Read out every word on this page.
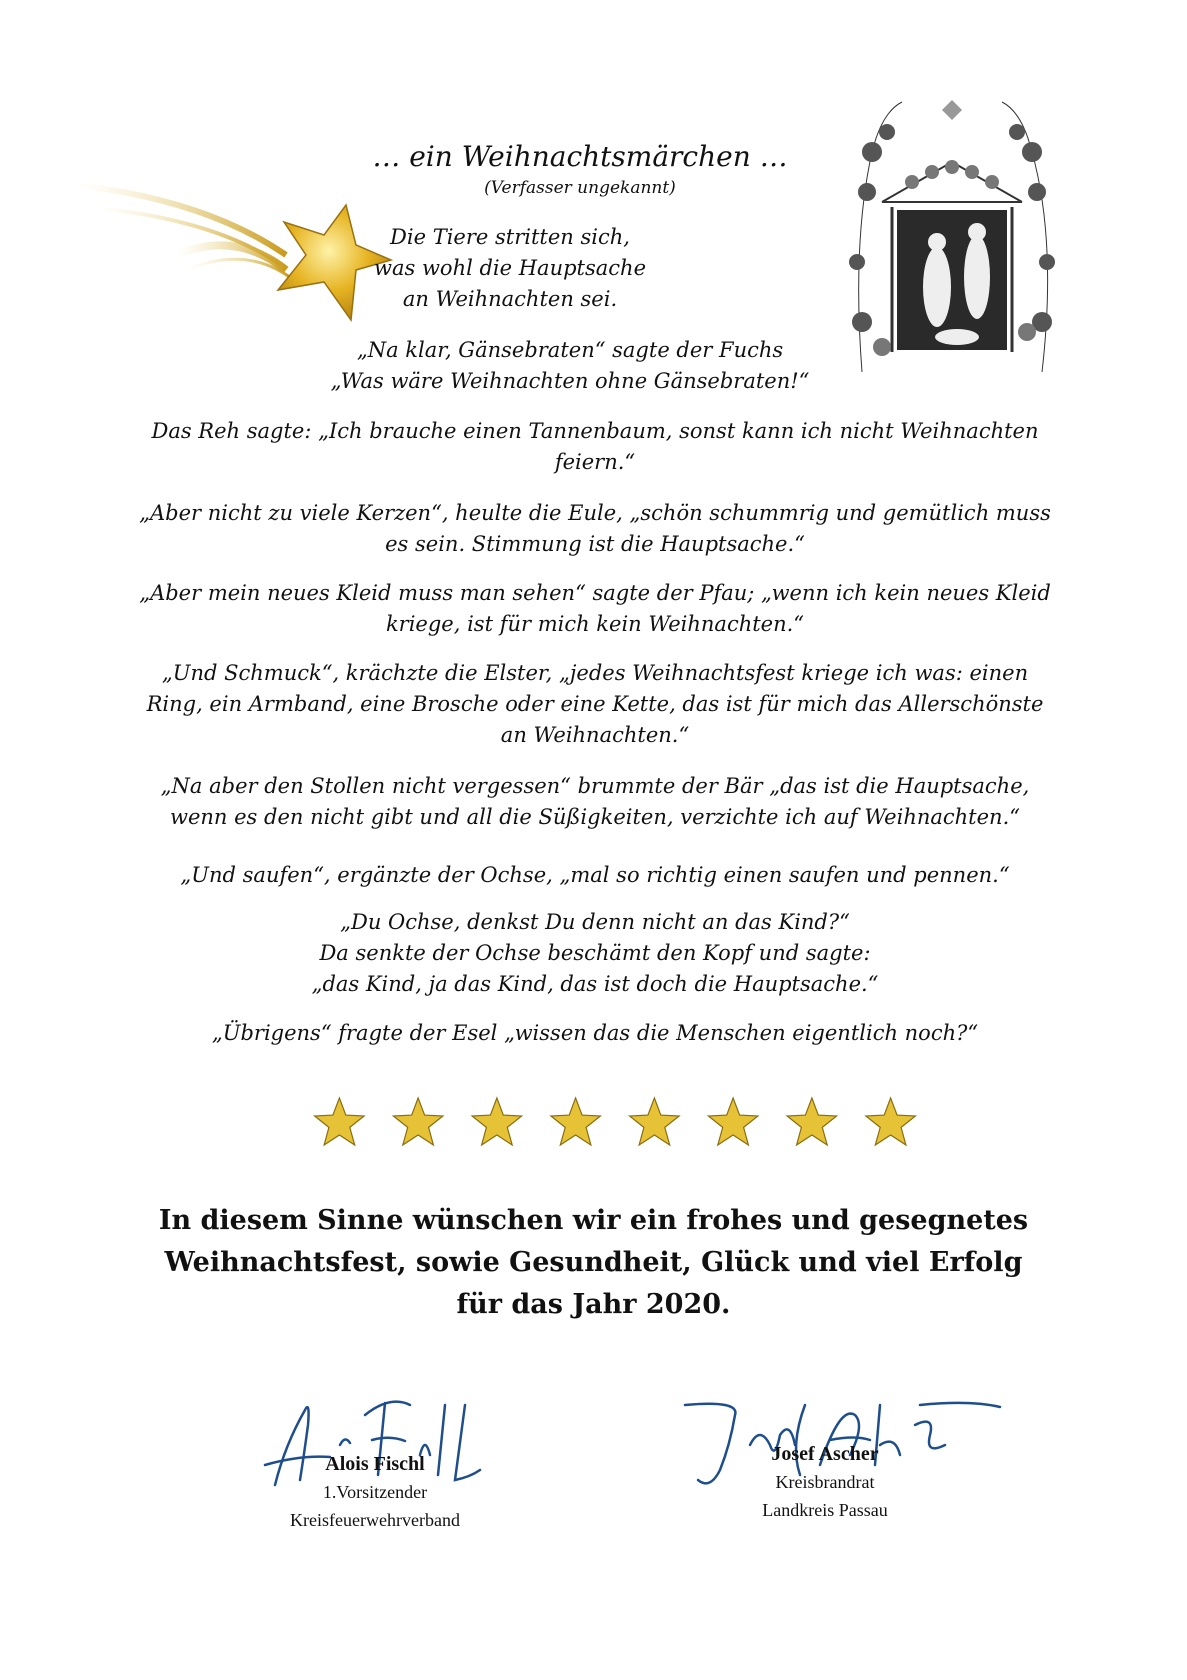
… ein Weihnachtsmärchen …
(Verfasser ungekannt)
Die Tiere stritten sich,
was wohl die Hauptsache
an Weihnachten sei.
„Na klar, Gänsebraten“ sagte der Fuchs
„Was wäre Weihnachten ohne Gänsebraten!“
Das Reh sagte: „Ich brauche einen Tannenbaum, sonst kann ich nicht Weihnachten
feiern.“
„Aber nicht zu viele Kerzen“, heulte die Eule, „schön schummrig und gemütlich muss
es sein. Stimmung ist die Hauptsache.“
„Aber mein neues Kleid muss man sehen“ sagte der Pfau; „wenn ich kein neues Kleid
kriege, ist für mich kein Weihnachten.“
„Und Schmuck“, krächzte die Elster, „jedes Weihnachtsfest kriege ich was: einen
Ring, ein Armband, eine Brosche oder eine Kette, das ist für mich das Allerschönste
an Weihnachten.“
„Na aber den Stollen nicht vergessen“ brummte der Bär „das ist die Hauptsache,
wenn es den nicht gibt und all die Süßigkeiten, verzichte ich auf Weihnachten.“
„Und saufen“, ergänzte der Ochse, „mal so richtig einen saufen und pennen.“
„Du Ochse, denkst Du denn nicht an das Kind?“
Da senkte der Ochse beschämt den Kopf und sagte:
„das Kind, ja das Kind, das ist doch die Hauptsache.“
„Übrigens“ fragte der Esel „wissen das die Menschen eigentlich noch?“
In diesem Sinne wünschen wir ein frohes und gesegnetes
Weihnachtsfest, sowie Gesundheit, Glück und viel Erfolg
für das Jahr 2020.
Alois Fischl
1.Vorsitzender
Kreisfeuerwehrverband
Josef Ascher
Kreisbrandrat
Landkreis Passau
